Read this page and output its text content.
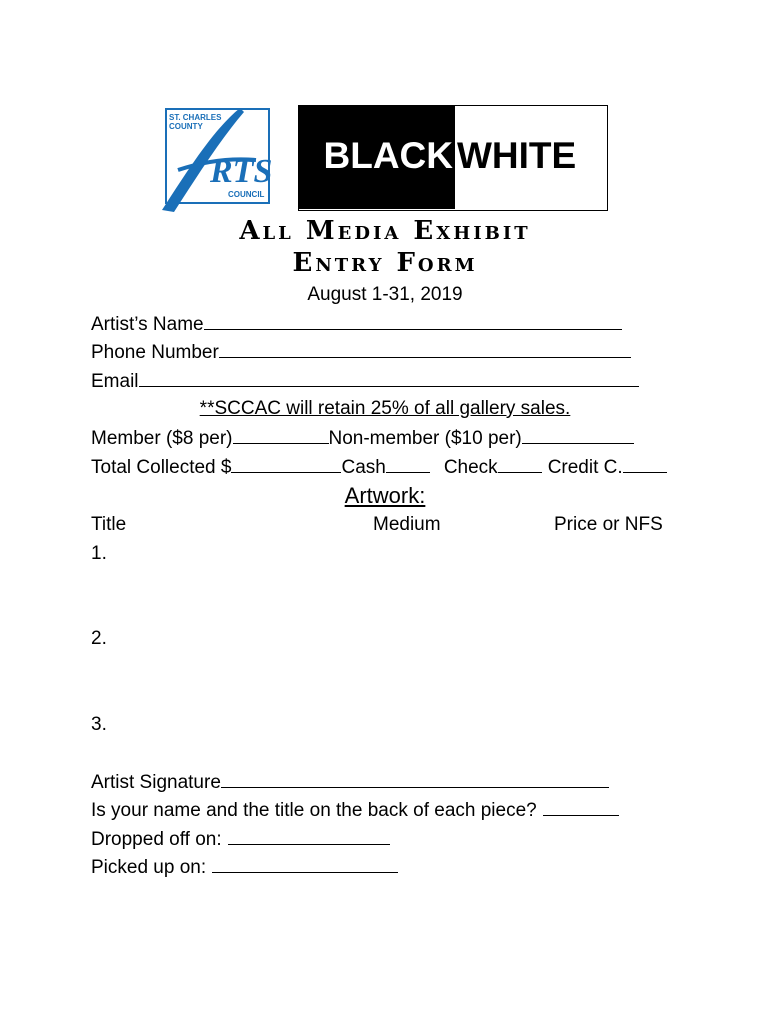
ST. CHARLES
COUNTY
RTS
COUNCIL
BLACK WHITE
All Media Exhibit
Entry Form
August 1-31, 2019
Artist’s Name
Phone Number
Email
**SCCAC will retain 25% of all gallery sales.
Member ($8 per)	Non-member ($10 per)
Total Collected $	Cash	Check	Credit C.
Artwork:
Title	Medium	Price or NFS
1.
2.
3.
Artist Signature
Is your name and the title on the back of each piece?
Dropped off on:
Picked up on:
